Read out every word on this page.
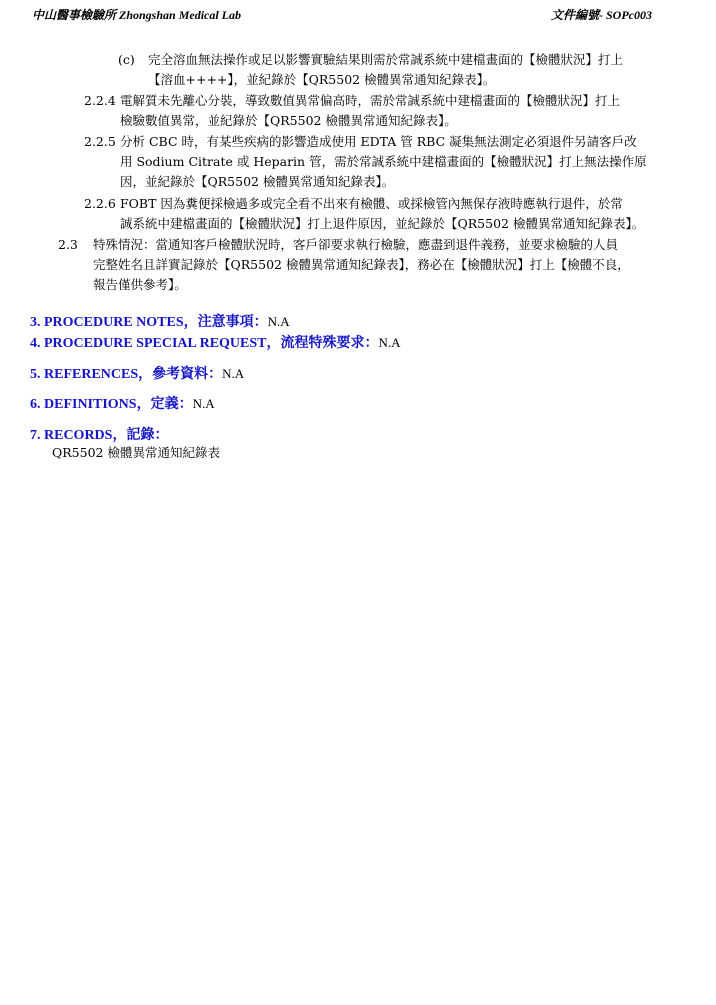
中山醫事檢驗所 Zhongshan Medical Lab	文件編號- SOPc003
(c) 完全溶血無法操作或足以影響實驗結果則需於常誠系統中建檔畫面的【檢體狀況】打上
【溶血++++】，並紀錄於【QR5502 檢體異常通知紀錄表】。
2.2.4 電解質未先離心分裝，導致數值異常偏高時，需於常誠系統中建檔畫面的【檢體狀況】打上
檢驗數值異常，並紀錄於【QR5502 檢體異常通知紀錄表】。
2.2.5 分析 CBC 時，有某些疾病的影響造成使用 EDTA 管 RBC 凝集無法測定必須退件另請客戶改
用 Sodium Citrate 或 Heparin 管，需於常誠系統中建檔畫面的【檢體狀況】打上無法操作原
因，並紀錄於【QR5502 檢體異常通知紀錄表】。
2.2.6 FOBT 因為糞便採檢過多或完全看不出來有檢體、或採檢管內無保存液時應執行退件，於常
誠系統中建檔畫面的【檢體狀況】打上退件原因，並紀錄於【QR5502 檢體異常通知紀錄表】。
2.3 特殊情況：當通知客戶檢體狀況時，客戶卻要求執行檢驗，應盡到退件義務，並要求檢驗的人員
完整姓名且詳實記錄於【QR5502 檢體異常通知紀錄表】，務必在【檢體狀況】打上【檢體不良，
報告僅供參考】。
3. PROCEDURE NOTES，注意事項：N.A
4. PROCEDURE SPECIAL REQUEST，流程特殊要求：N.A
5. REFERENCES，參考資料：N.A
6. DEFINITIONS，定義：N.A
7. RECORDS，記錄：
QR5502 檢體異常通知紀錄表
